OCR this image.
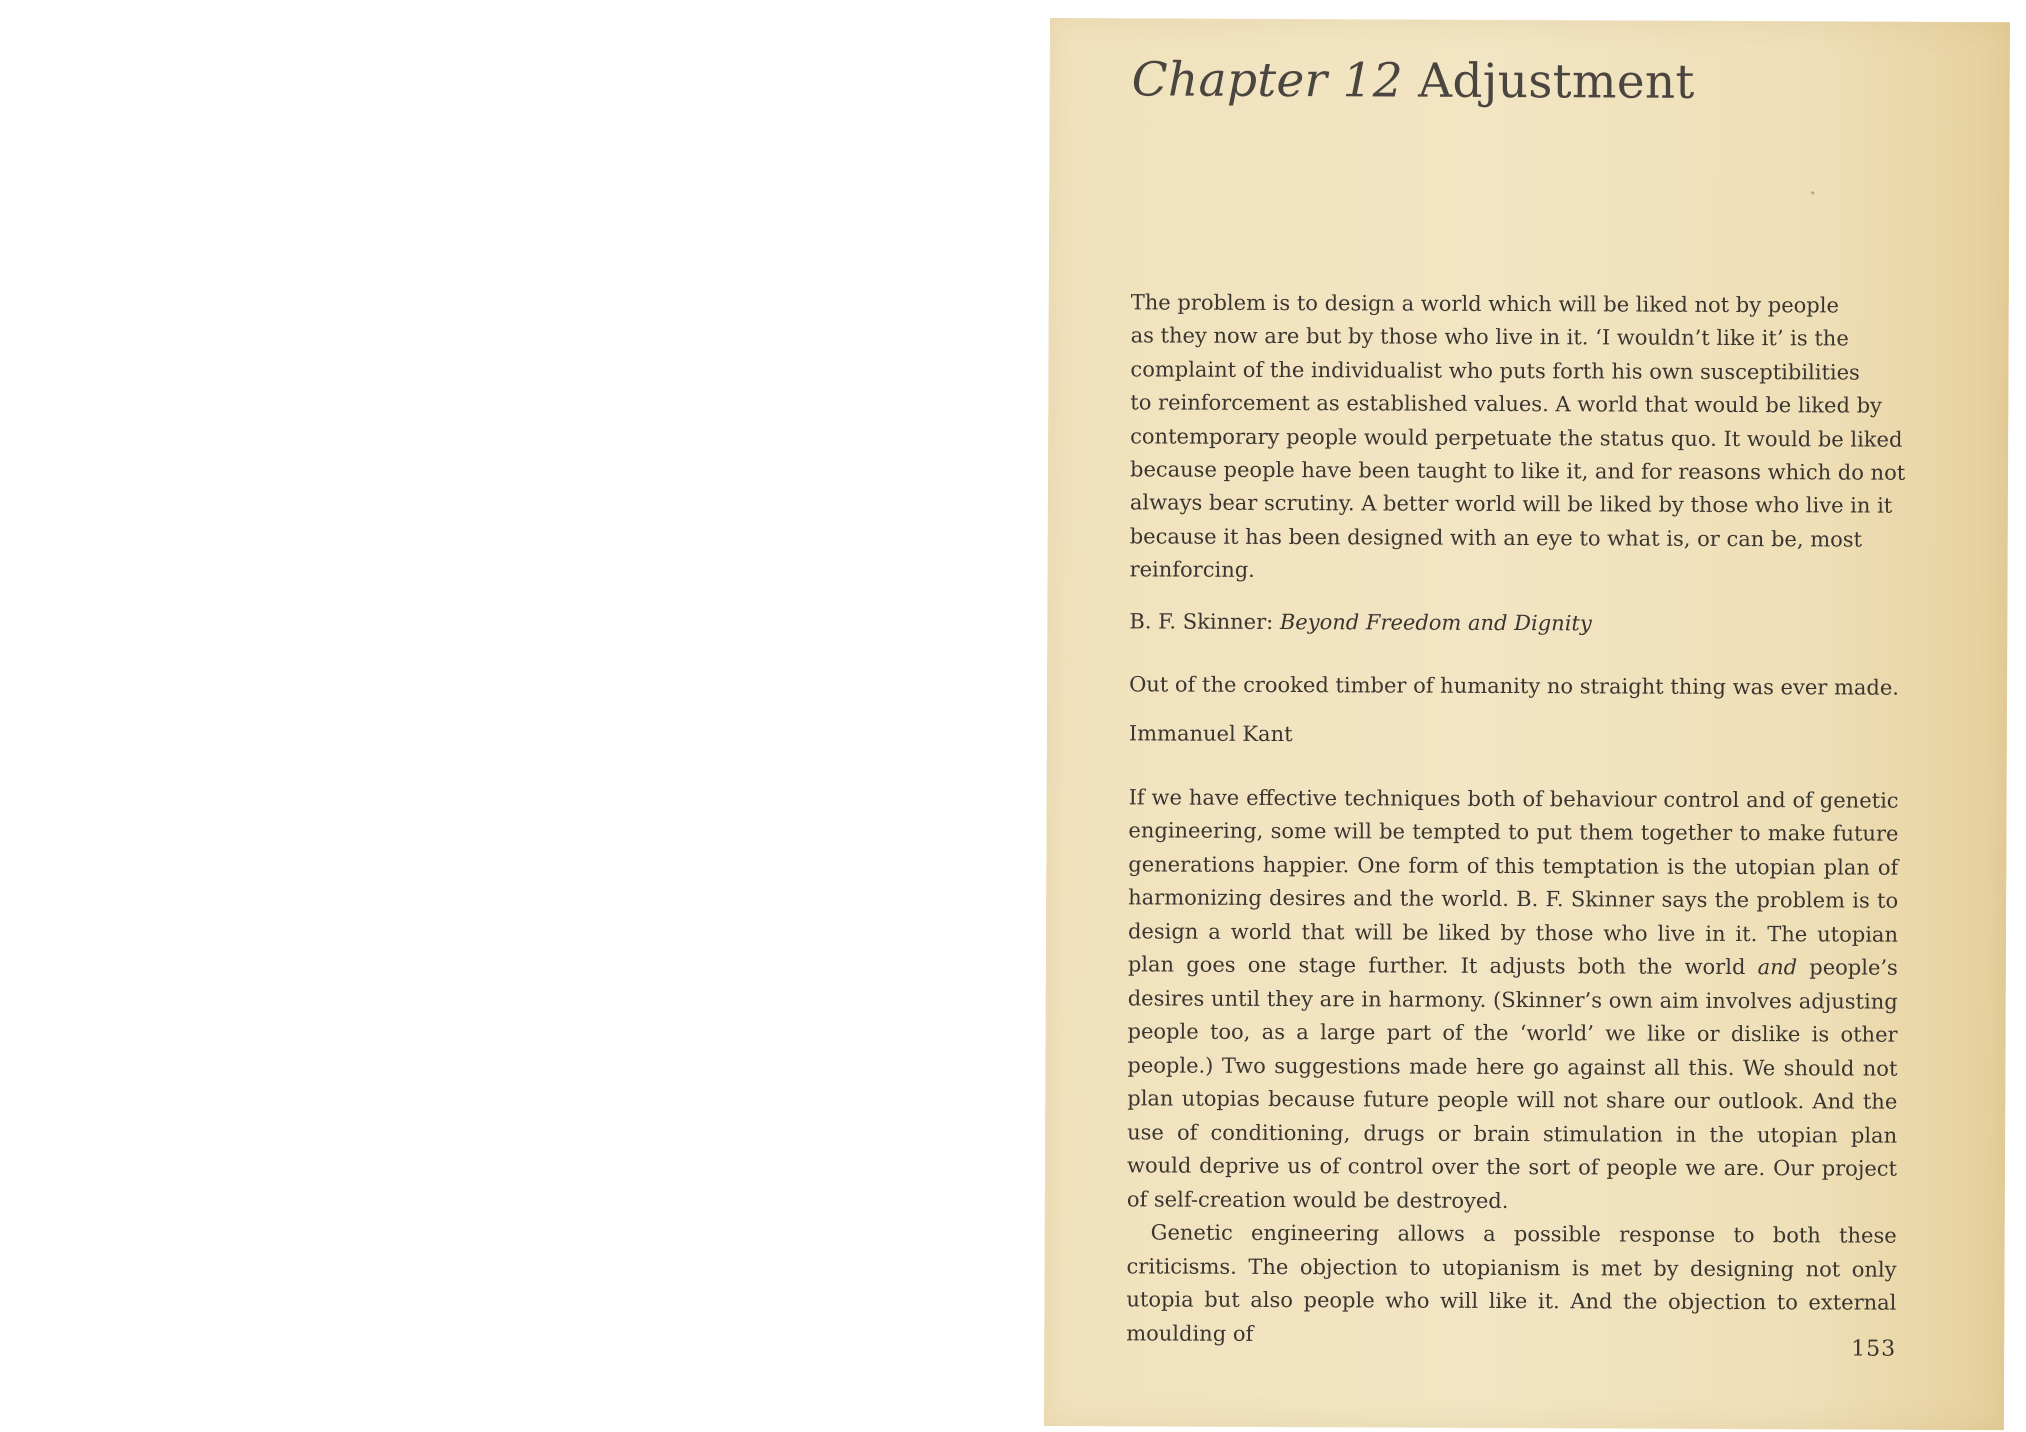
Chapter 12 Adjustment

The problem is to design a world which will be liked not by people
as they now are but by those who live in it. ‘I wouldn’t like it’ is the
complaint of the individualist who puts forth his own susceptibilities
to reinforcement as established values. A world that would be liked by
contemporary people would perpetuate the status quo. It would be liked
because people have been taught to like it, and for reasons which do not
always bear scrutiny. A better world will be liked by those who live in it
because it has been designed with an eye to what is, or can be, most
reinforcing.

B. F. Skinner: Beyond Freedom and Dignity

Out of the crooked timber of humanity no straight thing was ever made.

Immanuel Kant

If we have effective techniques both of behaviour control and of genetic engineering, some will be tempted to put them together to make future generations happier. One form of this temptation is the utopian plan of harmonizing desires and the world. B. F. Skinner says the problem is to design a world that will be liked by those who live in it. The utopian plan goes one stage further. It adjusts both the world and people’s desires until they are in harmony. (Skinner’s own aim involves adjusting people too, as a large part of the ‘world’ we like or dislike is other people.) Two suggestions made here go against all this. We should not plan utopias because future people will not share our outlook. And the use of conditioning, drugs or brain stimulation in the utopian plan would deprive us of control over the sort of people we are. Our project of self-creation would be destroyed.

Genetic engineering allows a possible response to both these criticisms. The objection to utopianism is met by designing not only utopia but also people who will like it. And the objection to external moulding of

153
